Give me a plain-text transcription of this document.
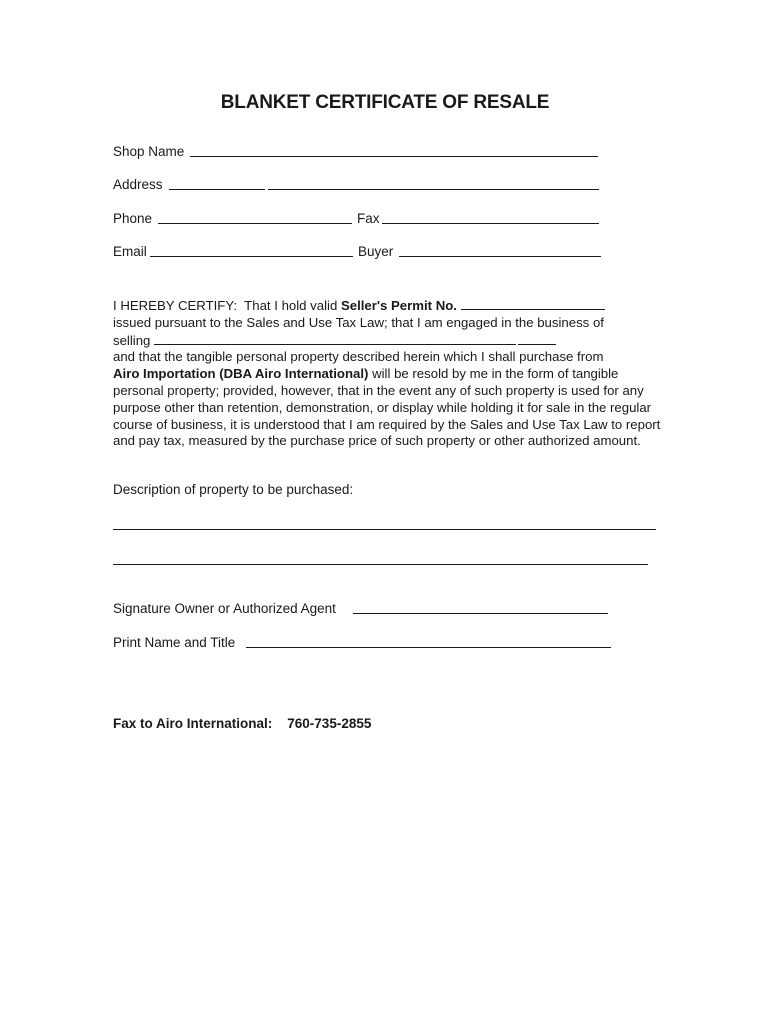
BLANKET CERTIFICATE OF RESALE
Shop Name
Address
Phone	Fax
Email	Buyer
I HEREBY CERTIFY:  That I hold valid Seller's Permit No.
issued pursuant to the Sales and Use Tax Law; that I am engaged in the business of
selling
and that the tangible personal property described herein which I shall purchase from
Airo Importation (DBA Airo International) will be resold by me in the form of tangible
personal property; provided, however, that in the event any of such property is used for any purpose other than retention, demonstration, or display while holding it for sale in the regular course of business, it is understood that I am required by the Sales and Use Tax Law to report and pay tax, measured by the purchase price of such property or other authorized amount.
Description of property to be purchased:
Signature Owner or Authorized Agent
Print Name and Title
Fax to Airo International: 760-735-2855
